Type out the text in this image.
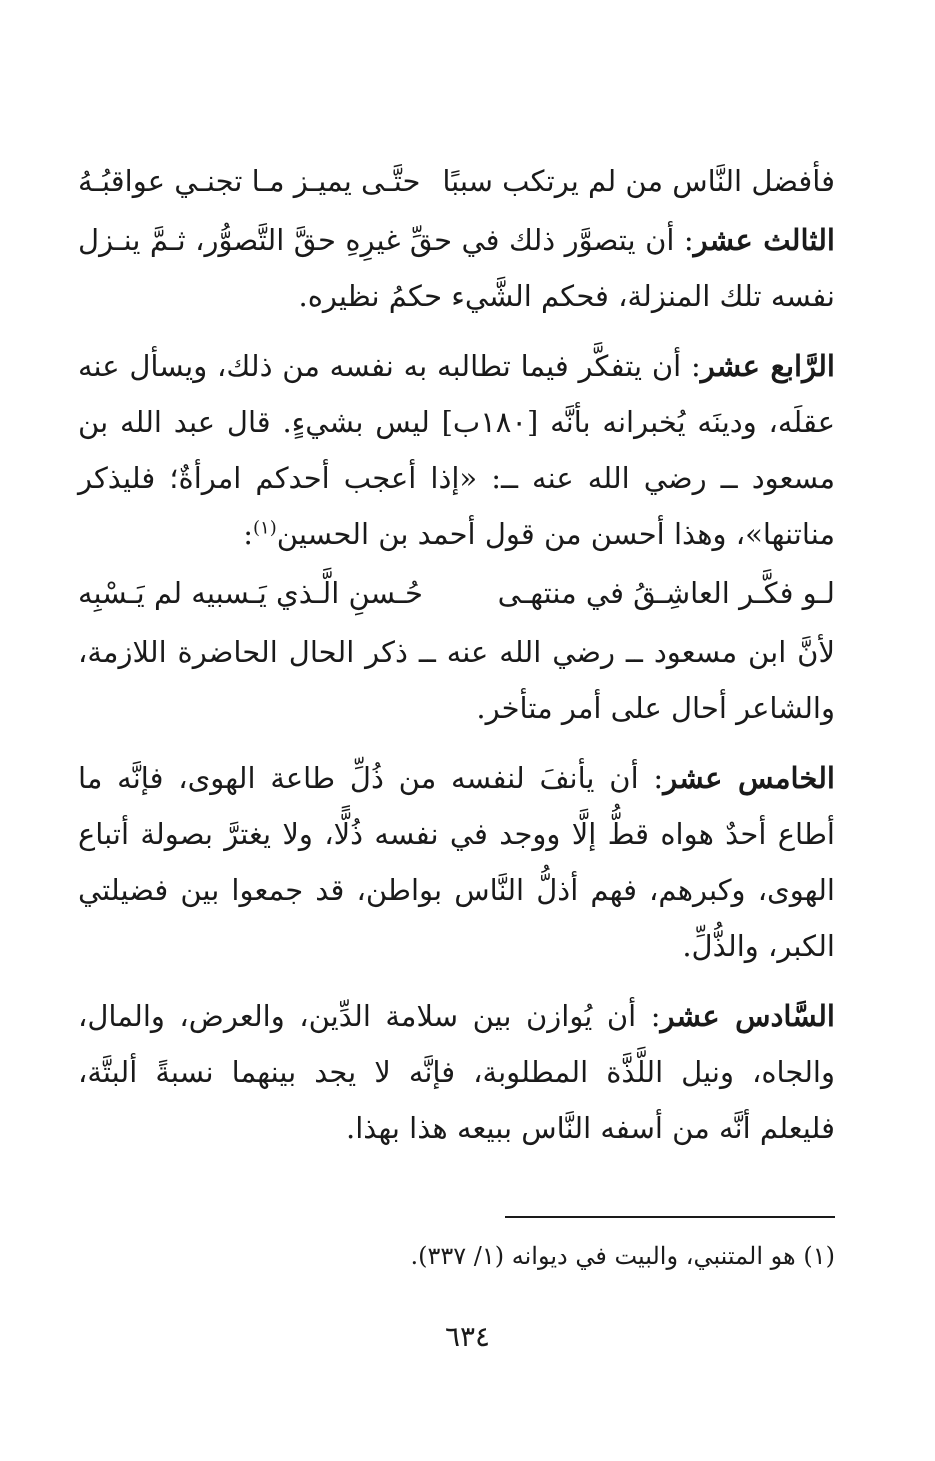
فأفضل النَّاس من لم يرتكب سببًا
حتَّـى يميـز مـا تجنـي عواقبُـهُ

الثالث عشر: أن يتصوَّر ذلك في حقِّ غيرِهِ حقَّ التَّصوُّر، ثـمَّ ينـزل نفسه تلك المنزلة، فحكم الشَّيء حكمُ نظيره.

الرَّابع عشر: أن يتفكَّر فيما تطالبه به نفسه من ذلك، ويسأل عنه عقلَه، ودينَه يُخبرانه بأنَّه [١٨٠ب] ليس بشيءٍ. قال عبد الله بن مسعود ــ رضي الله عنه ــ: «إذا أعجب أحدكم امرأةٌ؛ فليذكر مناتنها»، وهذا أحسن من قول أحمد بن الحسين$^{(١)}$:

لـو فكَّـر العاشِـقُ في منتهـى
حُـسنِ الَّـذي يَـسبيه لم يَـسْبِه

لأنَّ ابن مسعود ــ رضي الله عنه ــ ذكر الحال الحاضرة اللازمة، والشاعر أحال على أمر متأخر.

الخامس عشر: أن يأنفَ لنفسه من ذُلِّ طاعة الهوى، فإنَّه ما أطاع أحدٌ هواه قطُّ إلَّا ووجد في نفسه ذُلًّا، ولا يغترَّ بصولة أتباع الهوى، وكبرهم، فهم أذلُّ النَّاس بواطن، قد جمعوا بين فضيلتي الكبر، والذُّلِّ.

السَّادس عشر: أن يُوازن بين سلامة الدِّين، والعرض، والمال، والجاه، ونيل اللَّذَّة المطلوبة، فإنَّه لا يجد بينهما نسبةً ألبتَّة، فليعلم أنَّه من أسفه النَّاس ببيعه هذا بهذا.

(١) هو المتنبي، والبيت في ديوانه (١/ ٣٣٧).
٦٣٤
